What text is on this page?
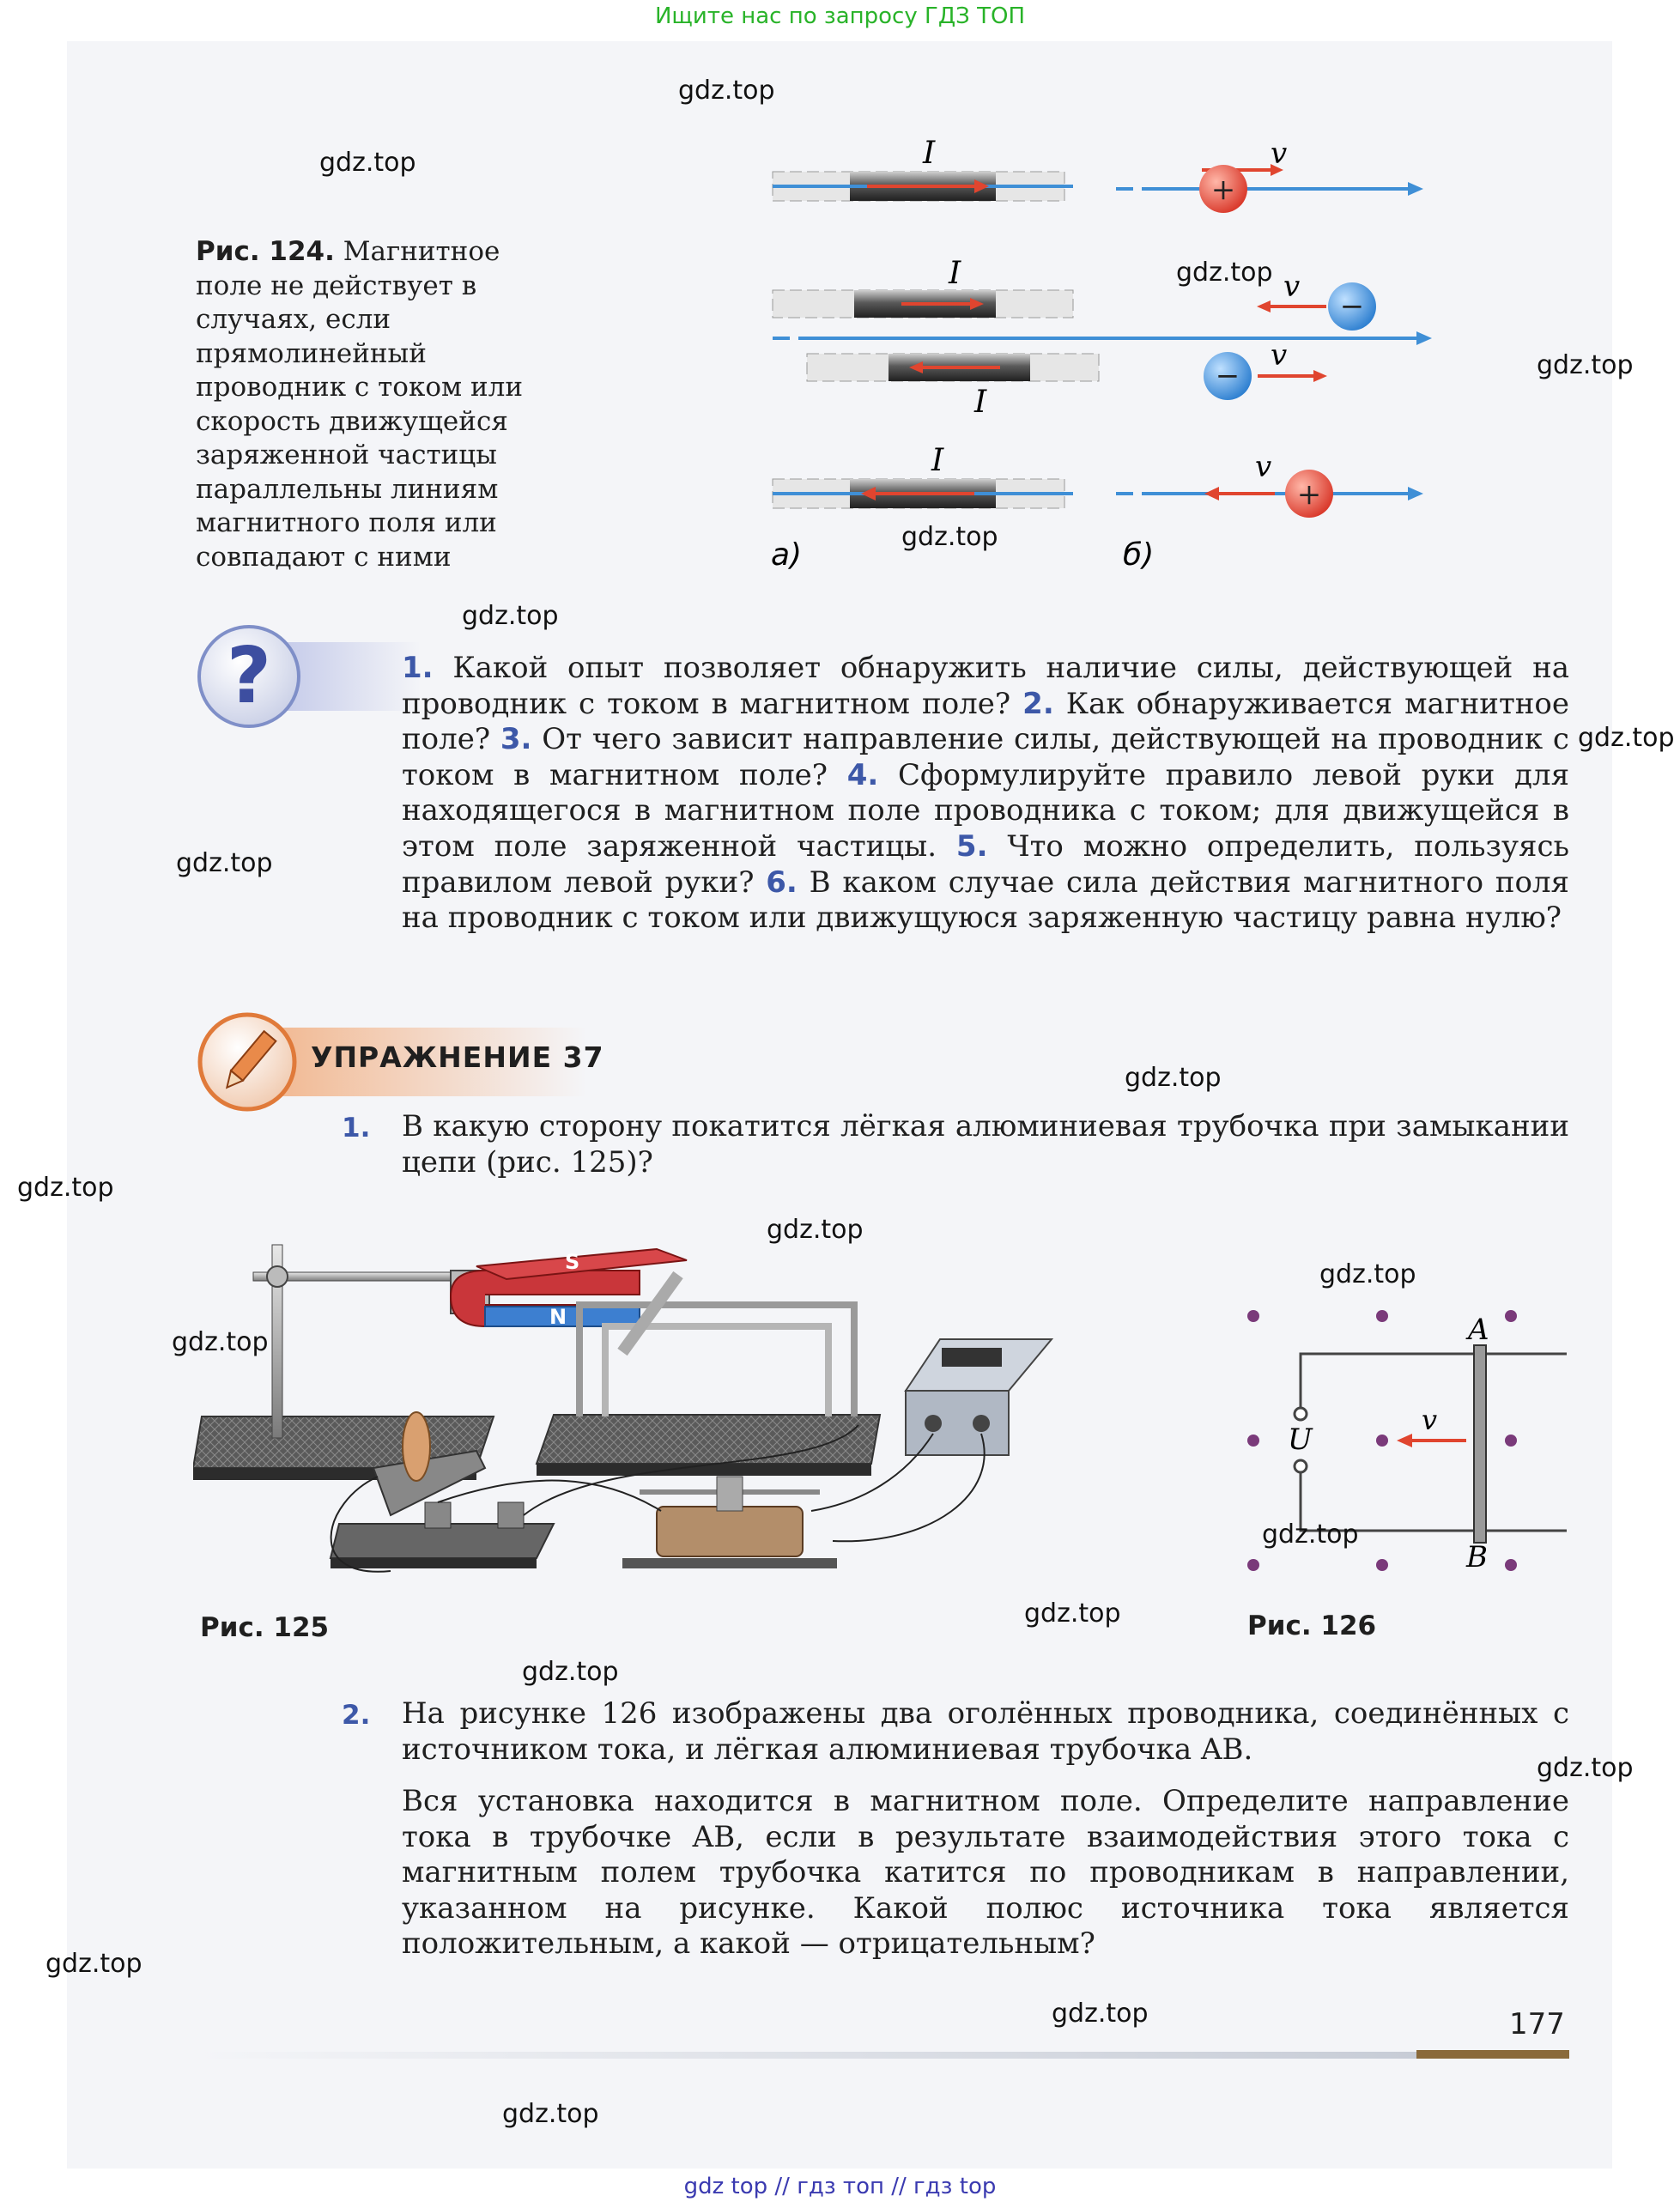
Ищите нас по запросу ГДЗ ТОП
Рис. 124. Магнитное поле не действует в случаях, если прямолинейный проводник с током или скорость движущейся заряженной частицы параллельны линиям магнитного поля или совпадают с ними
I	v
+
I
I
v
−
−
v
I	v
+
а)	б)
?	1. Какой опыт позволяет обнаружить наличие силы, действующей на проводник с током в магнитном поле? 2. Как обнаруживается магнитное поле? 3. От чего зависит направление силы, действующей на проводник с током в магнитном поле? 4. Сформулируйте правило левой руки для находящегося в магнитном поле проводника с током; для движущейся в этом поле заряженной частицы. 5. Что можно определить, пользуясь правилом левой руки? 6. В каком случае сила действия магнитного поля на проводник с током или движущуюся заряженную частицу равна нулю?
УПРАЖНЕНИЕ 37
1. В какую сторону покатится лёгкая алюминиевая трубочка при замыкании цепи (рис. 125)?
S
N
Рис. 125
U
A
B
v
Рис. 126
2. На рисунке 126 изображены два оголённых проводника, соединённых с источником тока, и лёгкая алюминиевая трубочка AB.
Вся установка находится в магнитном поле. Определите направление тока в трубочке AB, если в результате взаимодействия этого тока с магнитным полем трубочка катится по проводникам в направлении, указанном на рисунке. Какой полюс источника тока является положительным, а какой — отрицательным?
177
gdz.top
gdz.top
gdz.top
gdz.top
gdz.top
gdz.top
gdz.top
gdz.top
gdz.top
gdz.top
gdz.top
gdz.top
gdz.top
gdz.top
gdz.top
gdz.top
gdz.top
gdz.top
gdz.top
gdz.top
gdz top // гдз топ // гдз top
